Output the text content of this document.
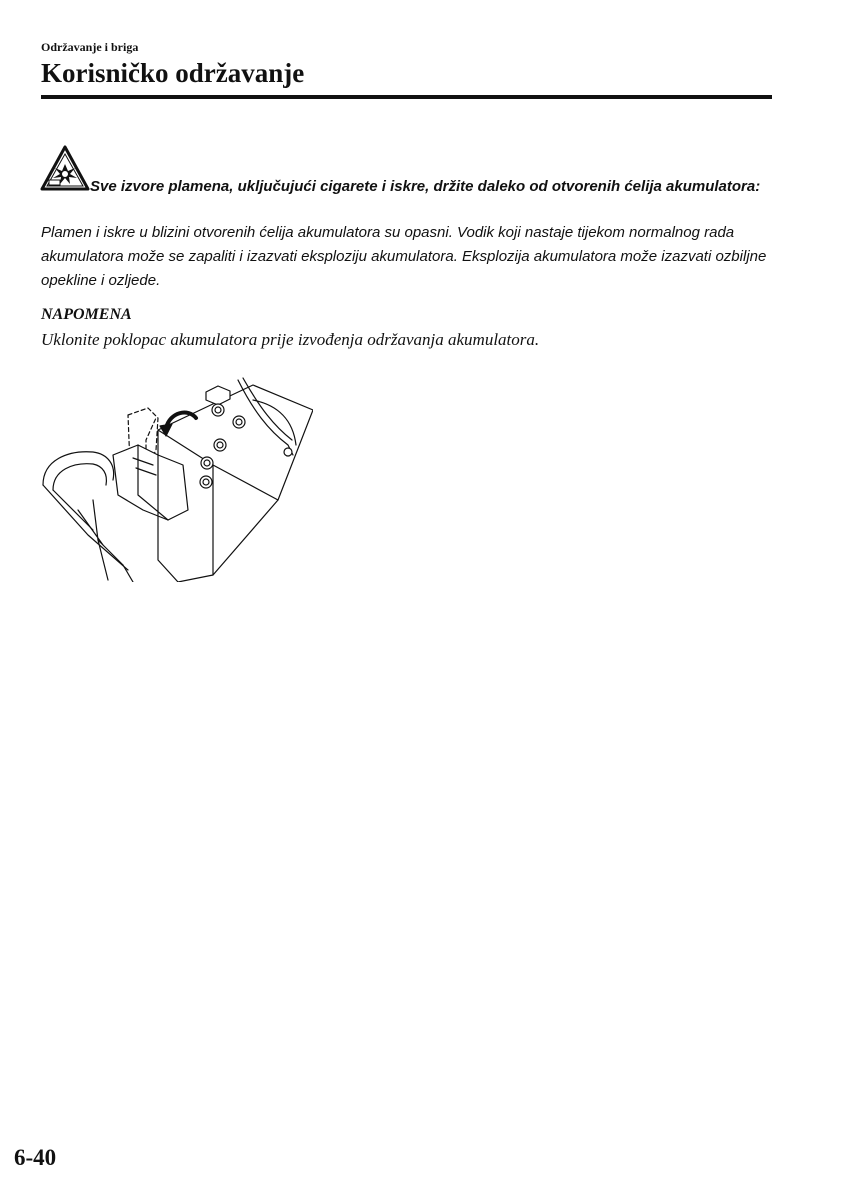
Održavanje i briga
Korisničko održavanje

Sve izvore plamena, uključujući cigarete i iskre, držite daleko od otvorenih ćelija akumulatora:

Plamen i iskre u blizini otvorenih ćelija akumulatora su opasni. Vodik koji nastaje tijekom normalnog rada akumulatora može se zapaliti i izazvati eksploziju akumulatora. Eksplozija akumulatora može izazvati ozbiljne opekline i ozljede.

NAPOMENA
Uklonite poklopac akumulatora prije izvođenja održavanja akumulatora.
6-40
